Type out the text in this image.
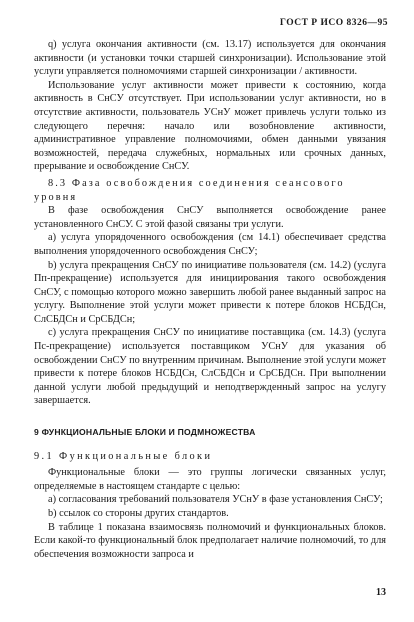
ГОСТ Р ИСО 8326—95

q) услуга окончания активности (см. 13.17) используется для окончания активности (и установки точки старшей синхронизации). Использование этой услуги управляется полномочиями старшей синхронизации / активности.

Использование услуг активности может привести к состоянию, когда активность в СнСУ отсутствует. При использовании услуг активности, но в отсутствие активности, пользователь УСнУ может привлечь услуги только из следующего перечня: начало или возобновление активности, административное управление полномочиями, обмен данными увязания возможностей, передача служебных, нормальных или срочных данных, прерывание и освобождение СнСУ.

8.3 Фаза освобождения соединения сеансового уровня

В фазе освобождения СнСУ выполняется освобождение ранее установленного СнСУ. С этой фазой связаны три услуги.

a) услуга упорядоченного освобождения (см 14.1) обеспечивает средства выполнения упорядоченного освобождения СнСУ;

b) услуга прекращения СнСУ по инициативе пользователя (см. 14.2) (услуга Пп-прекращение) используется для инициирования такого освобождения СнСУ, с помощью которого можно завершить любой ранее выданный запрос на услугу. Выполнение этой услуги может привести к потере блоков НСБДСн, СлСБДСн и СрСБДСн;

c) услуга прекращения СнСУ по инициативе поставщика (см. 14.3) (услуга Пс-прекращение) используется поставщиком УСнУ для указания об освобождении СнСУ по внутренним причинам. Выполнение этой услуги может привести к потере блоков НСБДСн, СлСБДСн и СрСБДСн. При выполнении данной услуги любой предыдущий и неподтвержденный запрос на услугу завершается.

9 ФУНКЦИОНАЛЬНЫЕ БЛОКИ И ПОДМНОЖЕСТВА

9.1 Функциональные блоки

Функциональные блоки — это группы логически связанных услуг, определяемые в настоящем стандарте с целью:

a) согласования требований пользователя УСнУ в фазе установления СнСУ;

b) ссылок со стороны других стандартов.

В таблице 1 показана взаимосвязь полномочий и функциональных блоков. Если какой-то функциональный блок предполагает наличие полномочий, то для обеспечения возможности запроса и

13
